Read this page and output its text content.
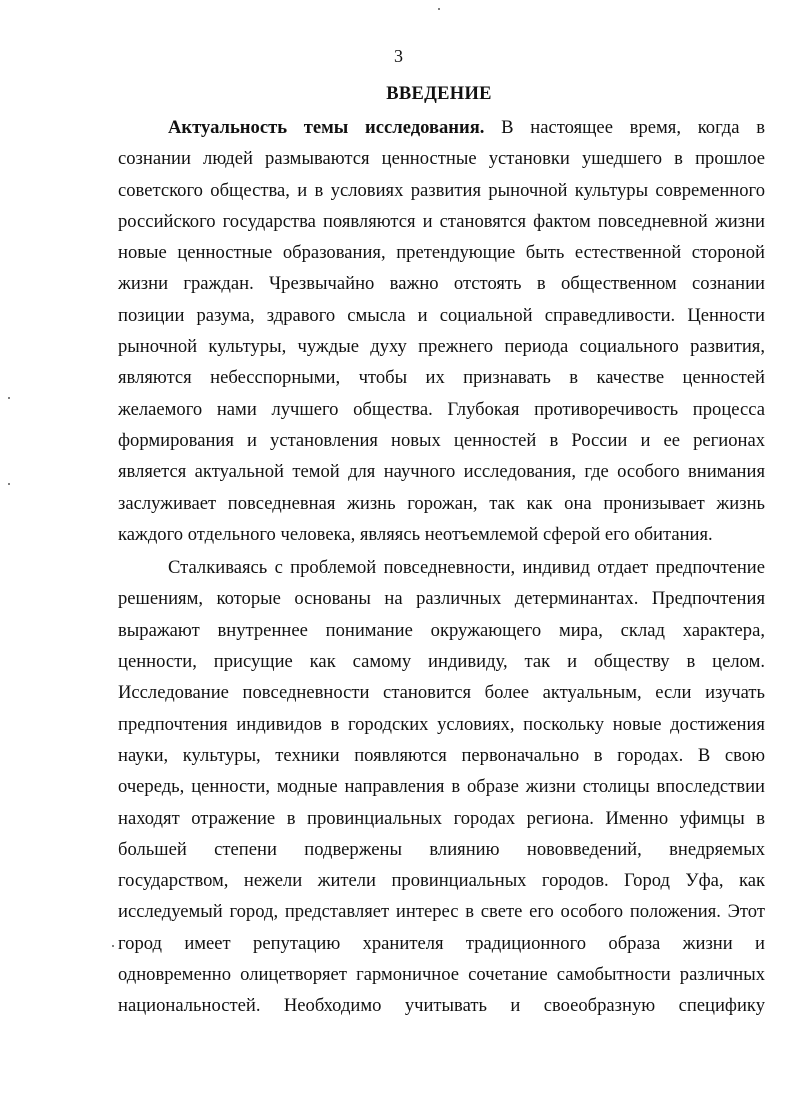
3
ВВЕДЕНИЕ
Актуальность темы исследования. В настоящее время, когда в
сознании людей размываются ценностные установки ушедшего в прошлое
советского общества, и в условиях развития рыночной культуры современного
российского государства появляются и становятся фактом повседневной жизни
новые ценностные образования, претендующие быть естественной стороной
жизни граждан. Чрезвычайно важно отстоять в общественном сознании
позиции разума, здравого смысла и социальной справедливости. Ценности
рыночной культуры, чуждые духу прежнего периода социального развития,
являются небесспорными, чтобы их признавать в качестве ценностей
желаемого нами лучшего общества. Глубокая противоречивость процесса
формирования и установления новых ценностей в России и ее регионах
является актуальной темой для научного исследования, где особого внимания
заслуживает повседневная жизнь горожан, так как она пронизывает жизнь
каждого отдельного человека, являясь неотъемлемой сферой его обитания.
Сталкиваясь с проблемой повседневности, индивид отдает предпочтение
решениям, которые основаны на различных детерминантах. Предпочтения
выражают внутреннее понимание окружающего мира, склад характера,
ценности, присущие как самому индивиду, так и обществу в целом.
Исследование повседневности становится более актуальным, если изучать
предпочтения индивидов в городских условиях, поскольку новые достижения
науки, культуры, техники появляются первоначально в городах. В свою
очередь, ценности, модные направления в образе жизни столицы впоследствии
находят отражение в провинциальных городах региона. Именно уфимцы в
большей степени подвержены влиянию нововведений, внедряемых
государством, нежели жители провинциальных городов. Город Уфа, как
исследуемый город, представляет интерес в свете его особого положения. Этот
город имеет репутацию хранителя традиционного образа жизни и
одновременно олицетворяет гармоничное сочетание самобытности различных
национальностей. Необходимо учитывать и своеобразную специфику
